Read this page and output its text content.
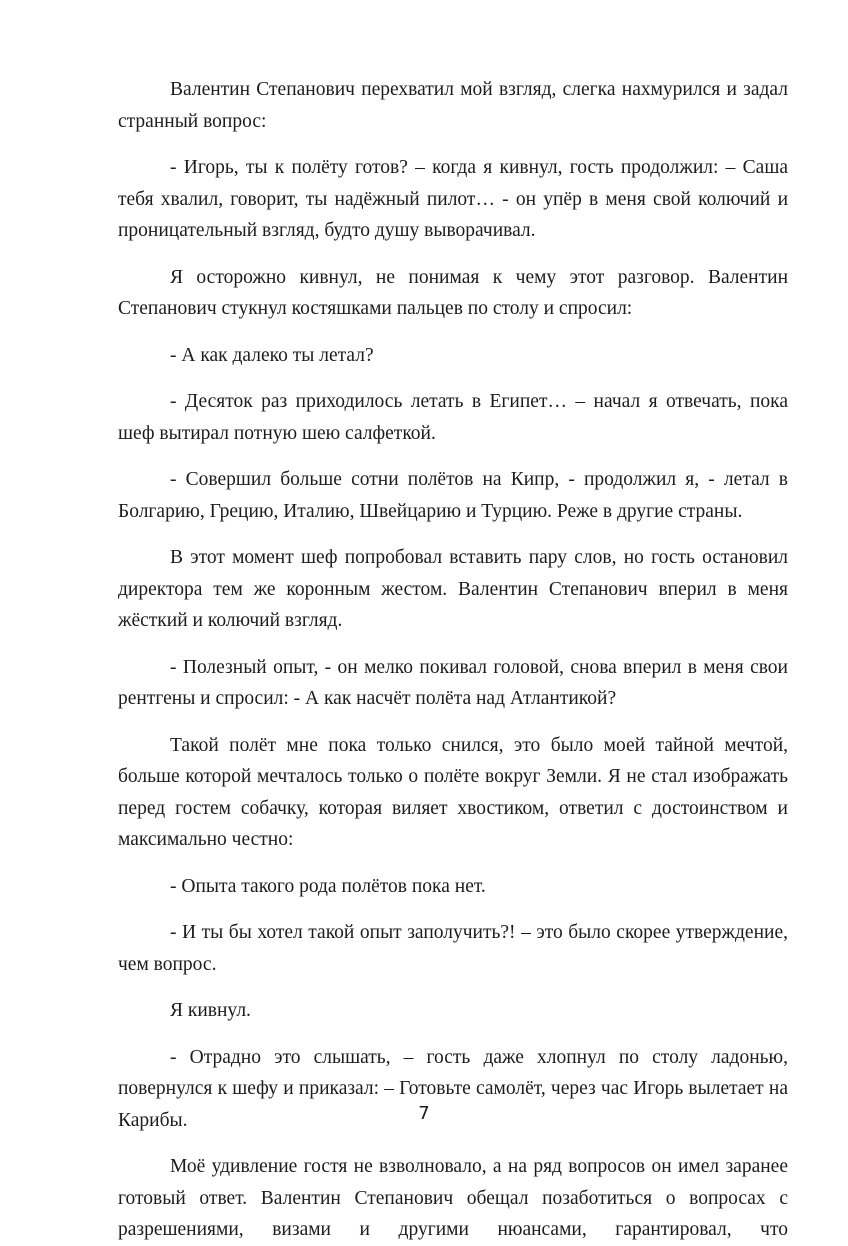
Валентин Степанович перехватил мой взгляд, слегка нахмурился и задал странный вопрос:

- Игорь, ты к полёту готов? – когда я кивнул, гость продолжил: – Саша тебя хвалил, говорит, ты надёжный пилот… - он упёр в меня свой колючий и проницательный взгляд, будто душу выворачивал.

Я осторожно кивнул, не понимая к чему этот разговор. Валентин Степанович стукнул костяшками пальцев по столу и спросил:

- А как далеко ты летал?

- Десяток раз приходилось летать в Египет… – начал я отвечать, пока шеф вытирал потную шею салфеткой.

- Совершил больше сотни полётов на Кипр, - продолжил я, - летал в Болгарию, Грецию, Италию, Швейцарию и Турцию. Реже в другие страны.

В этот момент шеф попробовал вставить пару слов, но гость остановил директора тем же коронным жестом. Валентин Степанович вперил в меня жёсткий и колючий взгляд.

- Полезный опыт, - он мелко покивал головой, снова вперил в меня свои рентгены и спросил: - А как насчёт полёта над Атлантикой?

Такой полёт мне пока только снился, это было моей тайной мечтой, больше которой мечталось только о полёте вокруг Земли. Я не стал изображать перед гостем собачку, которая виляет хвостиком, ответил с достоинством и максимально честно:

- Опыта такого рода полётов пока нет.

- И ты бы хотел такой опыт заполучить?! – это было скорее утверждение, чем вопрос.

Я кивнул.

- Отрадно это слышать, – гость даже хлопнул по столу ладонью, повернулся к шефу и приказал: – Готовьте самолёт, через час Игорь вылетает на Карибы.

Моё удивление гостя не взволновало, а на ряд вопросов он имел заранее готовый ответ. Валентин Степанович обещал позаботиться о вопросах с разрешениями, визами и другими нюансами, гарантировал, что

7
